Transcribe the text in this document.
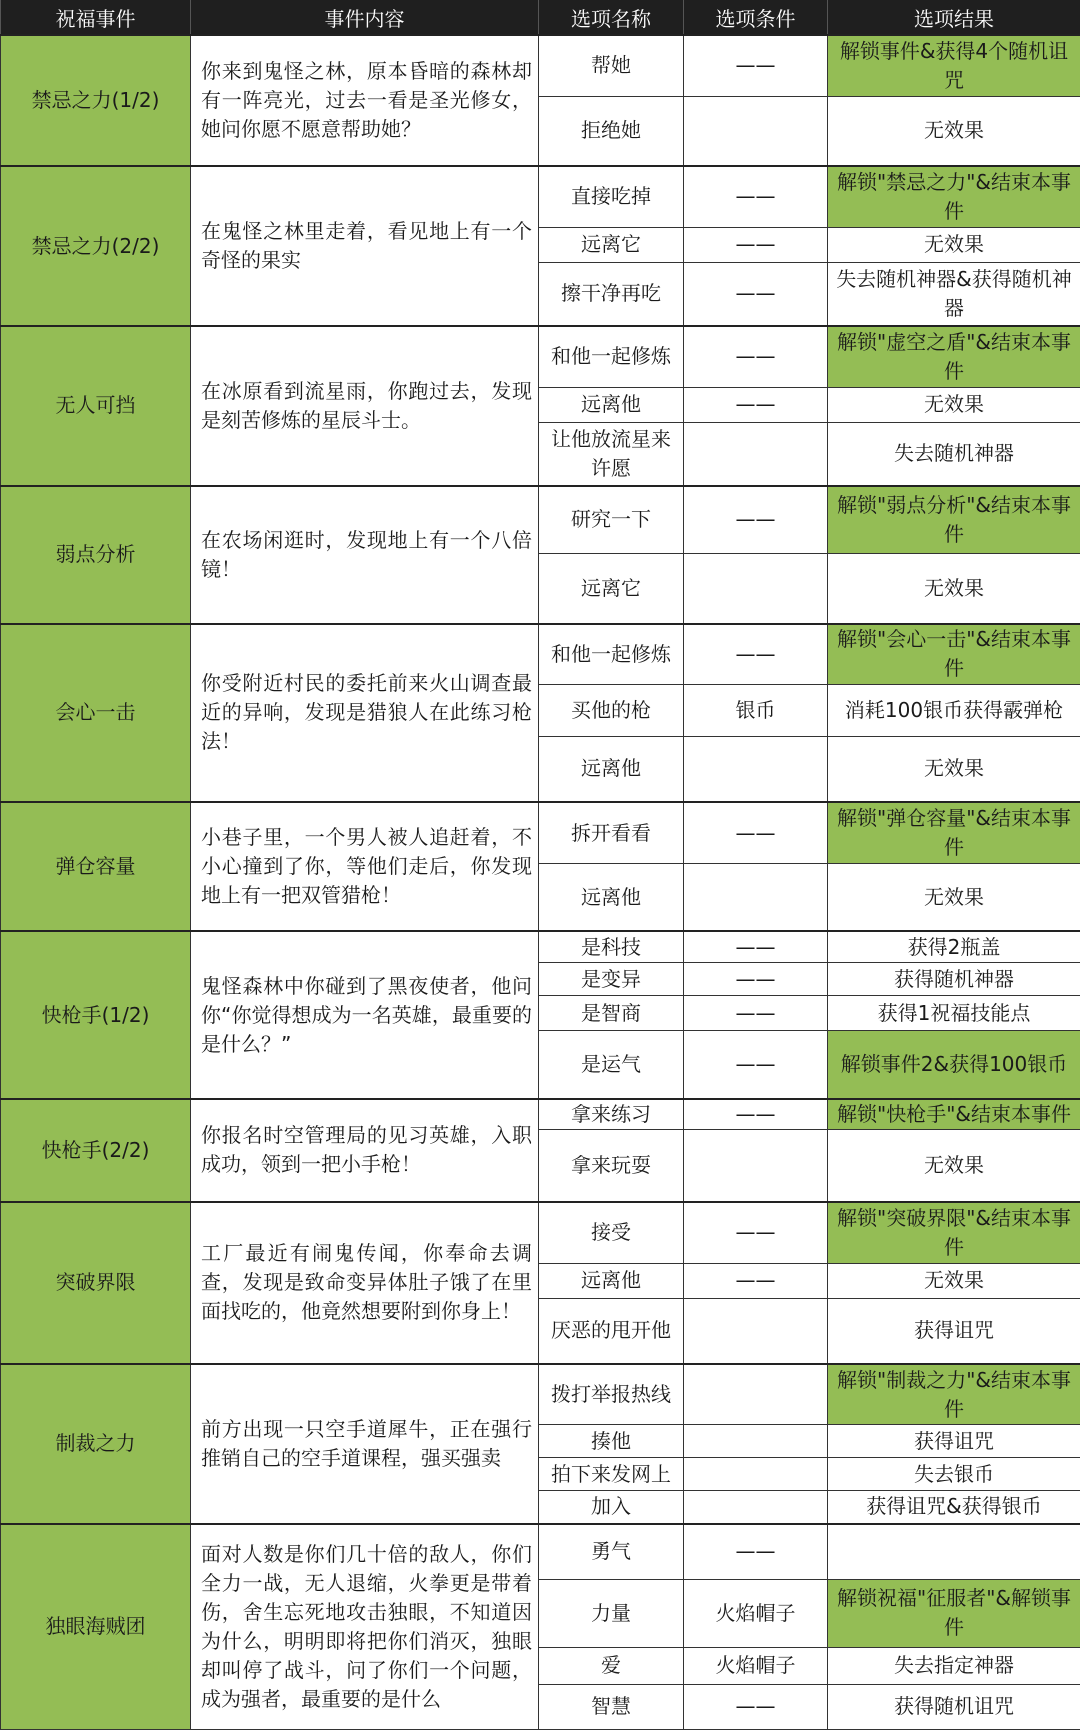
祝福事件	事件内容	选项名称	选项条件	选项结果
禁忌之力(1/2)	你来到鬼怪之林，原本昏暗的森林却有一阵亮光，过去一看是圣光修女，她问你愿不愿意帮助她？	帮她	——	解锁事件&获得4个随机诅咒
		拒绝她		无效果
禁忌之力(2/2)	在鬼怪之林里走着，看见地上有一个奇怪的果实	直接吃掉	——	解锁"禁忌之力"&结束本事件
		远离它	——	无效果
		擦干净再吃	——	失去随机神器&获得随机神器
无人可挡	在冰原看到流星雨，你跑过去，发现是刻苦修炼的星辰斗士。	和他一起修炼	——	解锁"虚空之盾"&结束本事件
		远离他	——	无效果
		让他放流星来许愿		失去随机神器
弱点分析	在农场闲逛时，发现地上有一个八倍镜！	研究一下	——	解锁"弱点分析"&结束本事件
		远离它		无效果
会心一击	你受附近村民的委托前来火山调查最近的异响，发现是猎狼人在此练习枪法！	和他一起修炼	——	解锁"会心一击"&结束本事件
		买他的枪	银币	消耗100银币获得霰弹枪
		远离他		无效果
弹仓容量	小巷子里，一个男人被人追赶着，不小心撞到了你，等他们走后，你发现地上有一把双管猎枪！	拆开看看	——	解锁"弹仓容量"&结束本事件
		远离他		无效果
快枪手(1/2)	鬼怪森林中你碰到了黑夜使者，他问你“你觉得想成为一名英雄，最重要的是什么？”	是科技	——	获得2瓶盖
		是变异	——	获得随机神器
		是智商	——	获得1祝福技能点
		是运气	——	解锁事件2&获得100银币
快枪手(2/2)	你报名时空管理局的见习英雄，入职成功，领到一把小手枪！	拿来练习	——	解锁"快枪手"&结束本事件
		拿来玩耍		无效果
突破界限	工厂最近有闹鬼传闻，你奉命去调查，发现是致命变异体肚子饿了在里面找吃的，他竟然想要附到你身上！	接受	——	解锁"突破界限"&结束本事件
		远离他	——	无效果
		厌恶的甩开他		获得诅咒
制裁之力	前方出现一只空手道犀牛，正在强行推销自己的空手道课程，强买强卖	拨打举报热线		解锁"制裁之力"&结束本事件
		揍他		获得诅咒
		拍下来发网上		失去银币
		加入		获得诅咒&获得银币
独眼海贼团	面对人数是你们几十倍的敌人，你们全力一战，无人退缩，火拳更是带着伤，舍生忘死地攻击独眼，不知道因为什么，明明即将把你们消灭，独眼却叫停了战斗，问了你们一个问题，成为强者，最重要的是什么	勇气	——	
		力量	火焰帽子	解锁祝福"征服者"&解锁事件
		爱	火焰帽子	失去指定神器
		智慧	——	获得随机诅咒
